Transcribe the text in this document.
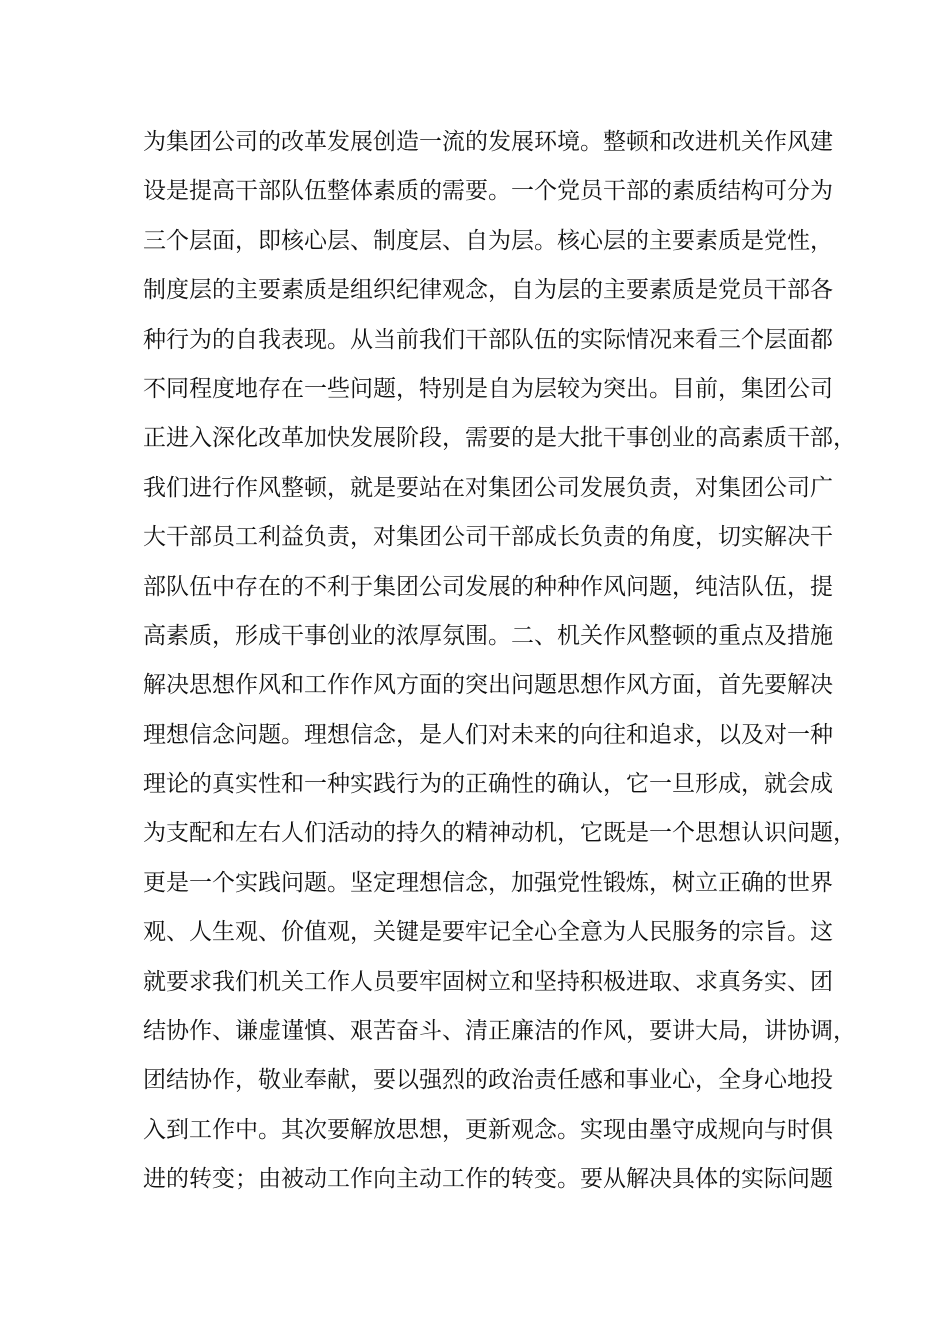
为集团公司的改革发展创造一流的发展环境。整顿和改进机关作风建
设是提高干部队伍整体素质的需要。一个党员干部的素质结构可分为
三个层面，即核心层、制度层、自为层。核心层的主要素质是党性，
制度层的主要素质是组织纪律观念，自为层的主要素质是党员干部各
种行为的自我表现。从当前我们干部队伍的实际情况来看三个层面都
不同程度地存在一些问题，特别是自为层较为突出。目前，集团公司
正进入深化改革加快发展阶段，需要的是大批干事创业的高素质干部，
我们进行作风整顿，就是要站在对集团公司发展负责，对集团公司广
大干部员工利益负责，对集团公司干部成长负责的角度，切实解决干
部队伍中存在的不利于集团公司发展的种种作风问题，纯洁队伍，提
高素质，形成干事创业的浓厚氛围。二、机关作风整顿的重点及措施
解决思想作风和工作作风方面的突出问题思想作风方面，首先要解决
理想信念问题。理想信念，是人们对未来的向往和追求，以及对一种
理论的真实性和一种实践行为的正确性的确认，它一旦形成，就会成
为支配和左右人们活动的持久的精神动机，它既是一个思想认识问题，
更是一个实践问题。坚定理想信念，加强党性锻炼，树立正确的世界
观、人生观、价值观，关键是要牢记全心全意为人民服务的宗旨。这
就要求我们机关工作人员要牢固树立和坚持积极进取、求真务实、团
结协作、谦虚谨慎、艰苦奋斗、清正廉洁的作风，要讲大局，讲协调，
团结协作，敬业奉献，要以强烈的政治责任感和事业心，全身心地投
入到工作中。其次要解放思想，更新观念。实现由墨守成规向与时俱
进的转变；由被动工作向主动工作的转变。要从解决具体的实际问题
